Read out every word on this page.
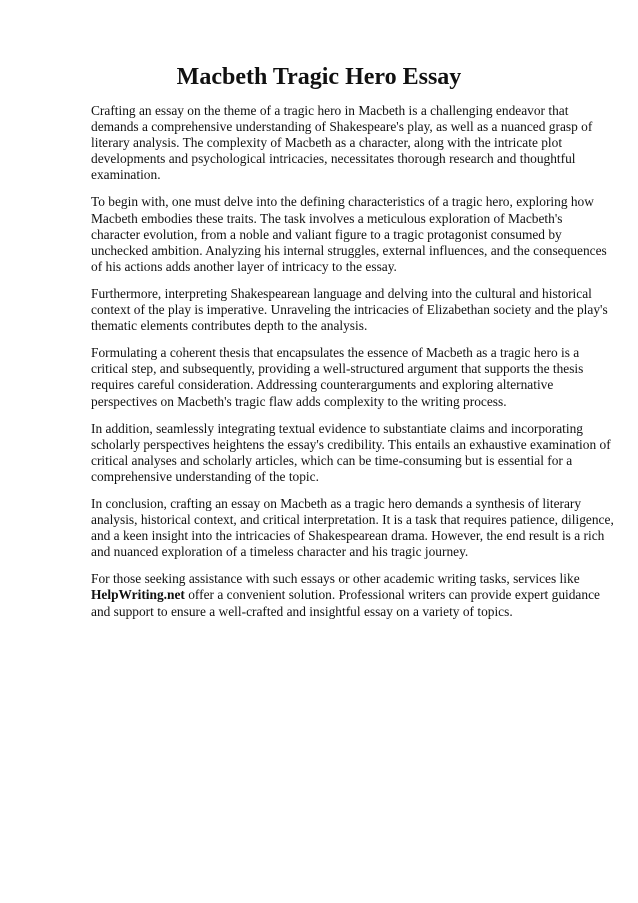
Macbeth Tragic Hero Essay

Crafting an essay on the theme of a tragic hero in Macbeth is a challenging endeavor that
demands a comprehensive understanding of Shakespeare's play, as well as a nuanced grasp of
literary analysis. The complexity of Macbeth as a character, along with the intricate plot
developments and psychological intricacies, necessitates thorough research and thoughtful
examination.

To begin with, one must delve into the defining characteristics of a tragic hero, exploring how
Macbeth embodies these traits. The task involves a meticulous exploration of Macbeth's
character evolution, from a noble and valiant figure to a tragic protagonist consumed by
unchecked ambition. Analyzing his internal struggles, external influences, and the consequences
of his actions adds another layer of intricacy to the essay.

Furthermore, interpreting Shakespearean language and delving into the cultural and historical
context of the play is imperative. Unraveling the intricacies of Elizabethan society and the play's
thematic elements contributes depth to the analysis.

Formulating a coherent thesis that encapsulates the essence of Macbeth as a tragic hero is a
critical step, and subsequently, providing a well-structured argument that supports the thesis
requires careful consideration. Addressing counterarguments and exploring alternative
perspectives on Macbeth's tragic flaw adds complexity to the writing process.

In addition, seamlessly integrating textual evidence to substantiate claims and incorporating
scholarly perspectives heightens the essay's credibility. This entails an exhaustive examination of
critical analyses and scholarly articles, which can be time-consuming but is essential for a
comprehensive understanding of the topic.

In conclusion, crafting an essay on Macbeth as a tragic hero demands a synthesis of literary
analysis, historical context, and critical interpretation. It is a task that requires patience, diligence,
and a keen insight into the intricacies of Shakespearean drama. However, the end result is a rich
and nuanced exploration of a timeless character and his tragic journey.

For those seeking assistance with such essays or other academic writing tasks, services like
HelpWriting.net offer a convenient solution. Professional writers can provide expert guidance
and support to ensure a well-crafted and insightful essay on a variety of topics.
